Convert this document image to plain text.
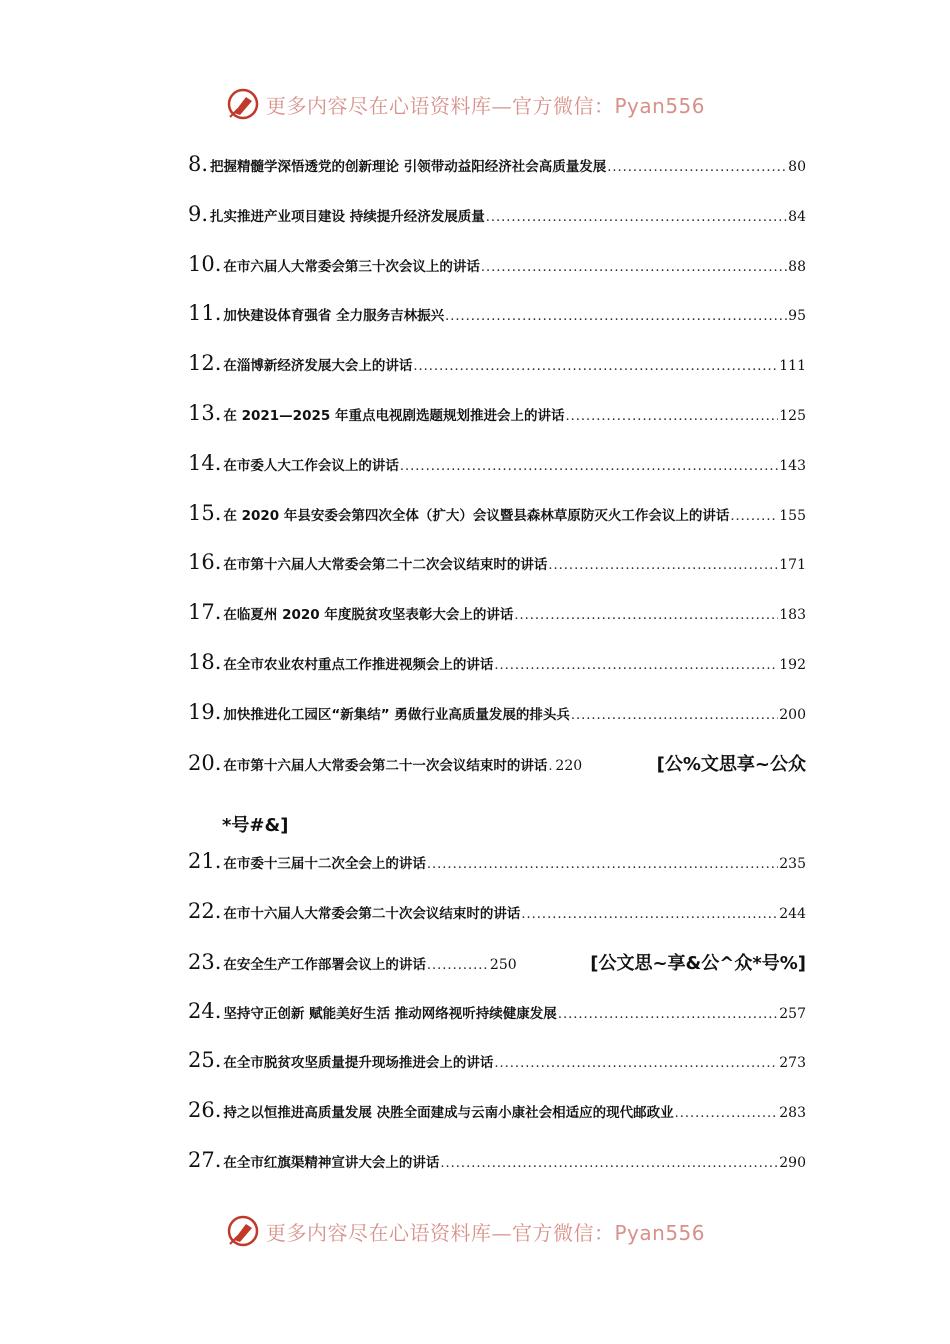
更多内容尽在心语资料库—官方微信：Pyan556
8. 把握精髓学深悟透党的创新理论 引领带动益阳经济社会高质量发展 .....	80
9. 扎实推进产业项目建设 持续提升经济发展质量 .....	84
10. 在市六届人大常委会第三十次会议上的讲话 .....	88
11. 加快建设体育强省 全力服务吉林振兴 .....	95
12. 在淄博新经济发展大会上的讲话 .....	111
13. 在 2021—2025 年重点电视剧选题规划推进会上的讲话 .....	125
14. 在市委人大工作会议上的讲话 .....	143
15. 在 2020 年县安委会第四次全体（扩大）会议暨县森林草原防灭火工作会议上的讲话 .....	155
16. 在市第十六届人大常委会第二十二次会议结束时的讲话 .....	171
17. 在临夏州 2020 年度脱贫攻坚表彰大会上的讲话 .....	183
18. 在全市农业农村重点工作推进视频会上的讲话 .....	192
19. 加快推进化工园区“新集结” 勇做行业高质量发展的排头兵 .....	200
20. 在市第十六届人大常委会第二十一次会议结束时的讲话 ..... 220	[公%文思享~公众
*号#&]
21. 在市委十三届十二次全会上的讲话 .....	235
22. 在市十六届人大常委会第二十次会议结束时的讲话 .....	244
23. 在安全生产工作部署会议上的讲话 .....	250	[公文思~享&公^众*号%]
24. 坚持守正创新 赋能美好生活 推动网络视听持续健康发展 .....	257
25. 在全市脱贫攻坚质量提升现场推进会上的讲话 .....	273
26. 持之以恒推进高质量发展 决胜全面建成与云南小康社会相适应的现代邮政业 .....	283
27. 在全市红旗渠精神宣讲大会上的讲话 .....	290
更多内容尽在心语资料库—官方微信：Pyan556
